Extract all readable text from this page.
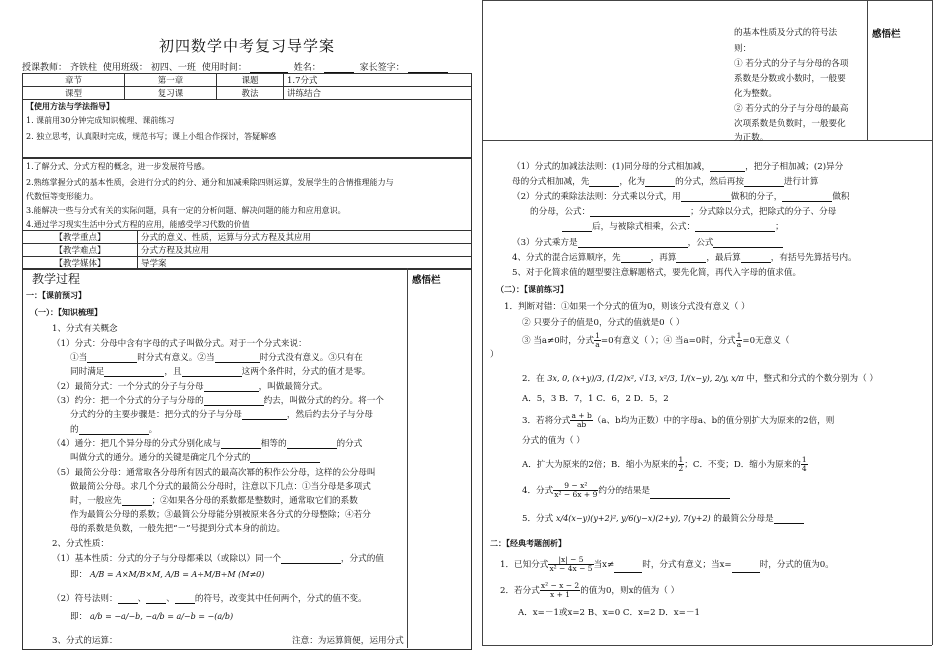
初四数学中考复习导学案
授课教师： 齐铁柱 使用班级： 初四、一班 使用时间：	姓名：	家长签字：
章节	第一章	课题	1.7分式
课型	复习课	教法	讲练结合
【使用方法与学法指导】
1. 课前用30分钟完成知识梳理、课前练习
2. 独立思考，认真限时完成，规范书写；课上小组合作探讨，答疑解惑
1.了解分式、分式方程的概念，进一步发展符号感。
2.熟练掌握分式的基本性质，会进行分式的约分、通分和加减乘除四则运算，发展学生的合情推理能力与
代数恒等变形能力。
3.能解决一些与分式有关的实际问题，具有一定的分析问题、解决问题的能力和应用意识。
4.通过学习现实生活中分式方程的应用，能感受学习代数的价值
【教学重点】	分式的意义、性质，运算与分式方程及其应用
【教学难点】	分式方程及其应用
【教学媒体】	导学案
教学过程	感悟栏
一：【课前预习】
（一）：【知识梳理】
1、分式有关概念
（1）分式：分母中含有字母的式子叫做分式。对于一个分式来说：
①当	时分式有意义。②当	时分式没有意义。③只有在
同时满足	，且	这两个条件时，分式的值才是零。
（2）最简分式：一个分式的分子与分母	，叫做最简分式。
（3）约分：把一个分式的分子与分母的	约去，叫做分式的约分。将一个
分式约分的主要步骤是：把分式的分子与分母	，然后约去分子与分母
的	。
（4）通分：把几个异分母的分式分别化成与	相等的	的分式
叫做分式的通分。通分的关键是确定几个分式的
（5）最简公分母：通常取各分母所有因式的最高次幂的积作公分母，这样的公分母叫
做最简公分母。求几个分式的最简公分母时，注意以下几点：①当分母是多项式
时，一般应先	；②如果各分母的系数都是整数时，通常取它们的系数
作为最简公分母的系数；③最简公分母能分别被原来各分式的分母整除；④若分
母的系数是负数，一般先把“－”号提到分式本身的前边。
2、分式性质：
（1）基本性质：分式的分子与分母都乘以（或除以）同一个	，分式的值
即： A/B = A×M/B×M, A/B = A÷M/B÷M (M≠0)
（2）符号法则： 、 、 的符号，改变其中任何两个，分式的值不变。
即： a/b = −a/−b, −a/b = a/−b = −(a/b)
3、分式的运算：	注意：为运算简便，运用分式
感悟栏
的基本性质及分式的符号法
则：
① 若分式的分子与分母的各项
系数是分数或小数时，一般要
化为整数。
② 若分式的分子与分母的最高
次项系数是负数时，一般要化
为正数。
（1）分式的加减法法则：(1)同分母的分式相加减，	，把分子相加减；(2)异分
母的分式相加减，先	，化为	的分式，然后再按	进行计算
（2）分式的乘除法法则：分式乘以分式，用	做积的分子，	做积
的分母，公式：	；分式除以分式，把除式的分子、分母
后，与被除式相乘，公式：	；
（3）分式乘方是	，公式
4、分式的混合运算顺序，先	，再算	，最后算	，有括号先算括号内。
5、对于化简求值的题型要注意解题格式，要先化简，再代入字母的值求值。
（二）：【课前练习】
1．判断对错：①如果一个分式的值为0，则该分式没有意义（ ）
② 只要分子的值是0，分式的值就是0（ ）
③ 当a≠0时，分式 $\frac{1}{a} =0$有意义（ ）；④ 当a=0时，分式 $\frac{1}{a} =0$无意义（
）
2．在 3x, 0, (x+y)/3, (1/2)x², √13, x²/3, 1/(x−y), 2/y, x/π 中，整式和分式的个数分别为（ ）
A．5，3 B．7，1 C．6，2 D．5，2
3．若将分式 $\frac{a + b}{ab} (a$、b均为正数）中的字母a、b的值分别扩大为原来的2倍，则
分式的值为（ ）
A．扩大为原来的2倍；B．缩小为原来的 $\frac{1}{2}$ ；C．不变；D．缩小为原来的 $\frac{1}{4}$
4．分式 $\frac{\text{9 − x²}}{\text{x² − 6x + 9}}$ 约分的结果是
5．分式 x/4(x−y)(y+2)², y/6(y−x)(2+y), 7(y+2) 的最简公分母是
二：【经典考题剖析】
1．已知分式 $\frac{|x| - 5}{\text{x² − 4x − 5}}$ 当x≠	时，分式有意义；当x=	时，分式的值为0。
2．若分式 $\frac{\text{x² − x − 2}}{x + 1}$ 的值为0，则x的值为（ ）
A．x=－1或x=2 B、x=0 C．x=2 D．x=－1
